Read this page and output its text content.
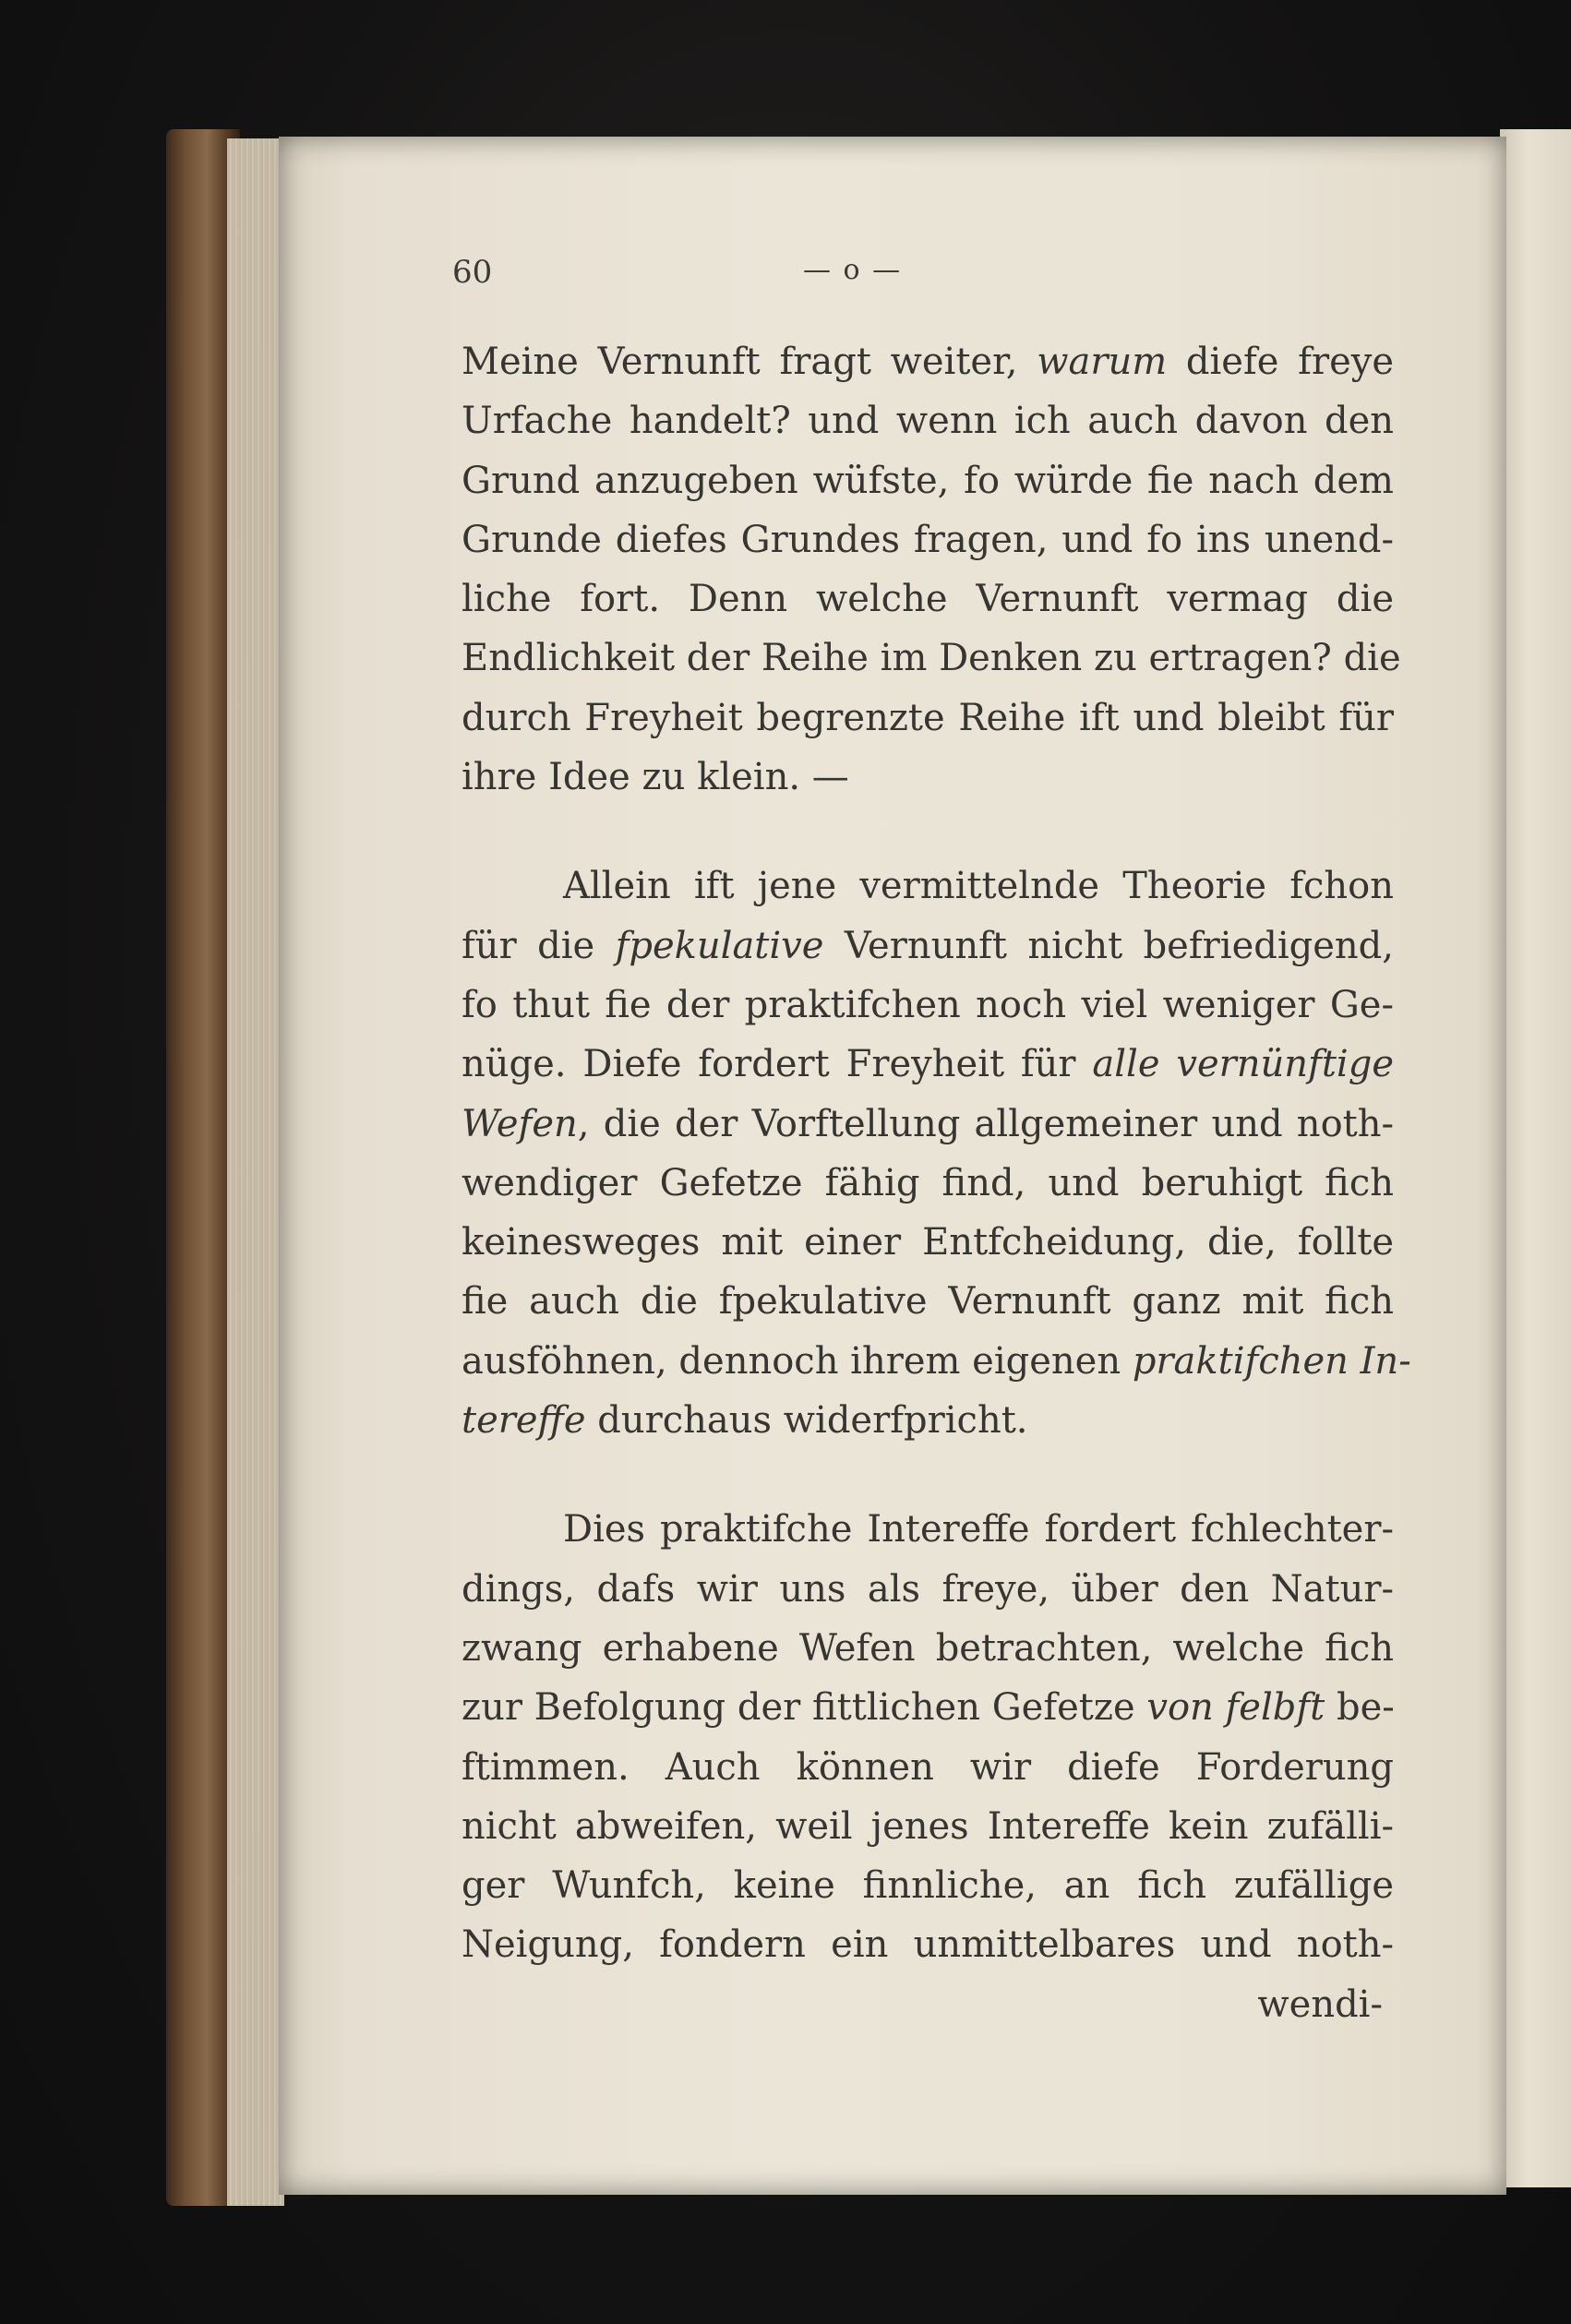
60	— o —
Meine Vernunft fragt weiter, warum diefe freye
Urfache handelt? und wenn ich auch davon den
Grund anzugeben wüfste, fo würde fie nach dem
Grunde diefes Grundes fragen, und fo ins unend-
liche fort. Denn welche Vernunft vermag die
Endlichkeit der Reihe im Denken zu ertragen? die
durch Freyheit begrenzte Reihe ift und bleibt für
ihre Idee zu klein. —
Allein ift jene vermittelnde Theorie fchon
für die fpekulative Vernunft nicht befriedigend,
fo thut fie der praktifchen noch viel weniger Ge-
nüge. Diefe fordert Freyheit für alle vernünftige
Wefen, die der Vorftellung allgemeiner und noth-
wendiger Gefetze fähig find, und beruhigt fich
keinesweges mit einer Entfcheidung, die, follte
fie auch die fpekulative Vernunft ganz mit fich
ausföhnen, dennoch ihrem eigenen praktifchen In-
tereffe durchaus widerfpricht.
Dies praktifche Intereffe fordert fchlechter-
dings, dafs wir uns als freye, über den Natur-
zwang erhabene Wefen betrachten, welche fich
zur Befolgung der fittlichen Gefetze von felbft be-
ftimmen. Auch können wir diefe Forderung
nicht abweifen, weil jenes Intereffe kein zufälli-
ger Wunfch, keine finnliche, an fich zufällige
Neigung, fondern ein unmittelbares und noth-
wendi-
